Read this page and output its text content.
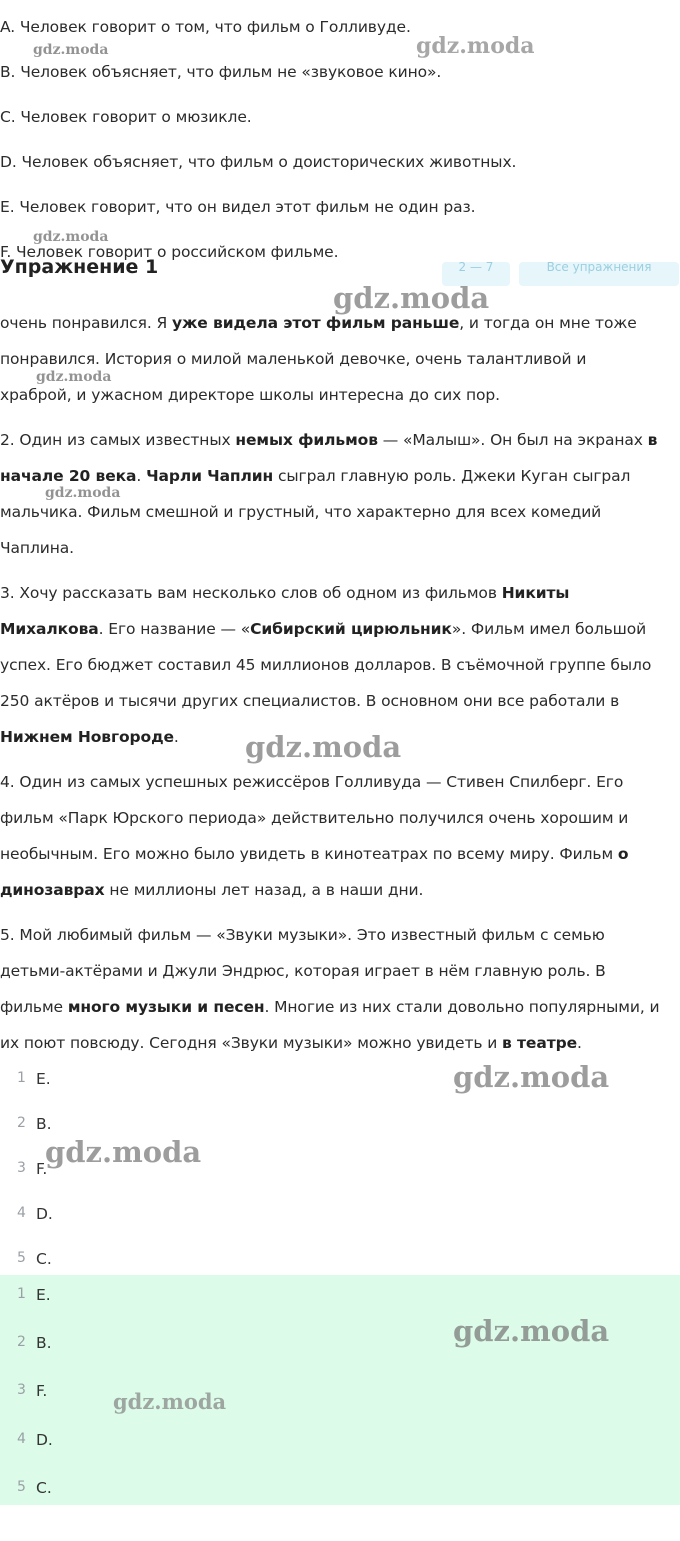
A. Человек говорит о том, что фильм о Голливуде.
B. Человек объясняет, что фильм не «звуковое кино».
C. Человек говорит о мюзикле.
D. Человек объясняет, что фильм о доисторических животных.
E. Человек говорит, что он видел этот фильм не один раз.
Упражнение 1	2 — 7	Все упражнения
F. Человек говорит о российском фильме.
очень понравился. Я уже видела этот фильм раньше, и тогда он мне тоже
понравился. История о милой маленькой девочке, очень талантливой и
храброй, и ужасном директоре школы интересна до сих пор.
2. Один из самых известных немых фильмов — «Малыш». Он был на экранах в
начале 20 века. Чарли Чаплин сыграл главную роль. Джеки Куган сыграл
мальчика. Фильм смешной и грустный, что характерно для всех комедий
Чаплина.
3. Хочу рассказать вам несколько слов об одном из фильмов Никиты
Михалкова. Его название — «Сибирский цирюльник». Фильм имел большой
успех. Его бюджет составил 45 миллионов долларов. В съёмочной группе было
250 актёров и тысячи других специалистов. В основном они все работали в
Нижнем Новгороде.
4. Один из самых успешных режиссёров Голливуда — Стивен Спилберг. Его
фильм «Парк Юрского периода» действительно получился очень хорошим и
необычным. Его можно было увидеть в кинотеатрах по всему миру. Фильм о
динозаврах не миллионы лет назад, а в наши дни.
5. Мой любимый фильм — «Звуки музыки». Это известный фильм с семью
детьми-актёрами и Джули Эндрюс, которая играет в нём главную роль. В
фильме много музыки и песен. Многие из них стали довольно популярными, и
их поют повсюду. Сегодня «Звуки музыки» можно увидеть и в театре.
1 E.
2 B.
3 F.
4 D.
5 C.
1 E.
2 B.
3 F.
4 D.
5 C.
gdz.moda	gdz.moda
gdz.moda
gdz.moda
gdz.moda
gdz.moda
gdz.moda
gdz.moda
gdz.moda
gdz.moda
gdz.moda
